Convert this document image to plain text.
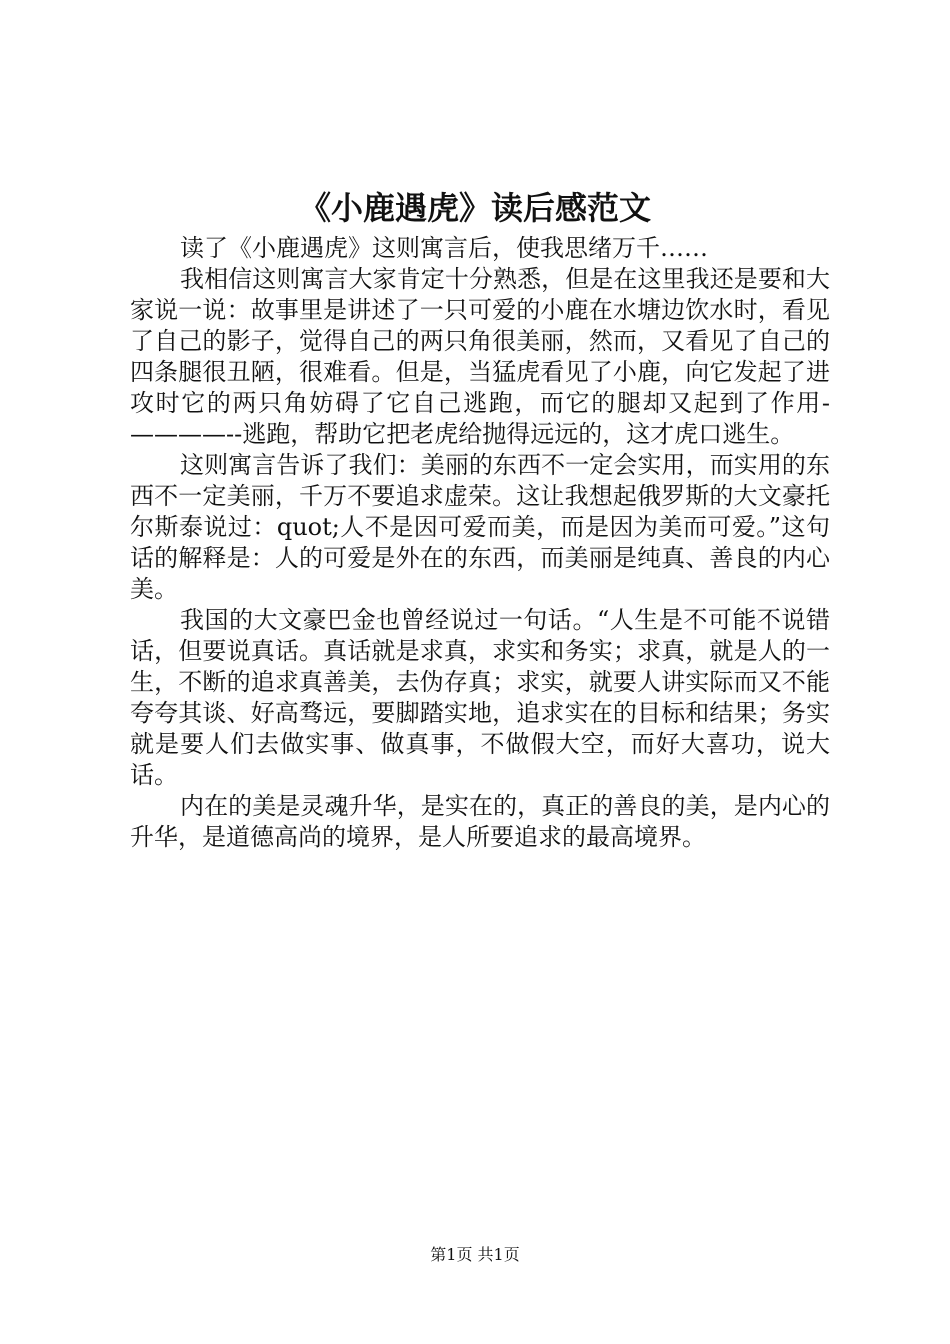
《小鹿遇虎》读后感范文

读了《小鹿遇虎》这则寓言后，使我思绪万千……

我相信这则寓言大家肯定十分熟悉，但是在这里我还是要和大家说一说：故事里是讲述了一只可爱的小鹿在水塘边饮水时，看见了自己的影子，觉得自己的两只角很美丽，然而，又看见了自己的四条腿很丑陋，很难看。但是，当猛虎看见了小鹿，向它发起了进攻时它的两只角妨碍了它自己逃跑，而它的腿却又起到了作用-————--逃跑，帮助它把老虎给抛得远远的，这才虎口逃生。

这则寓言告诉了我们：美丽的东西不一定会实用，而实用的东西不一定美丽，千万不要追求虚荣。这让我想起俄罗斯的大文豪托尔斯泰说过：quot;人不是因可爱而美，而是因为美而可爱。”这句话的解释是：人的可爱是外在的东西，而美丽是纯真、善良的内心美。

我国的大文豪巴金也曾经说过一句话。“人生是不可能不说错话，但要说真话。真话就是求真，求实和务实；求真，就是人的一生，不断的追求真善美，去伪存真；求实，就要人讲实际而又不能夸夸其谈、好高骛远，要脚踏实地，追求实在的目标和结果；务实就是要人们去做实事、做真事，不做假大空，而好大喜功，说大话。

内在的美是灵魂升华，是实在的，真正的善良的美，是内心的升华，是道德高尚的境界，是人所要追求的最高境界。

第1页 共1页
